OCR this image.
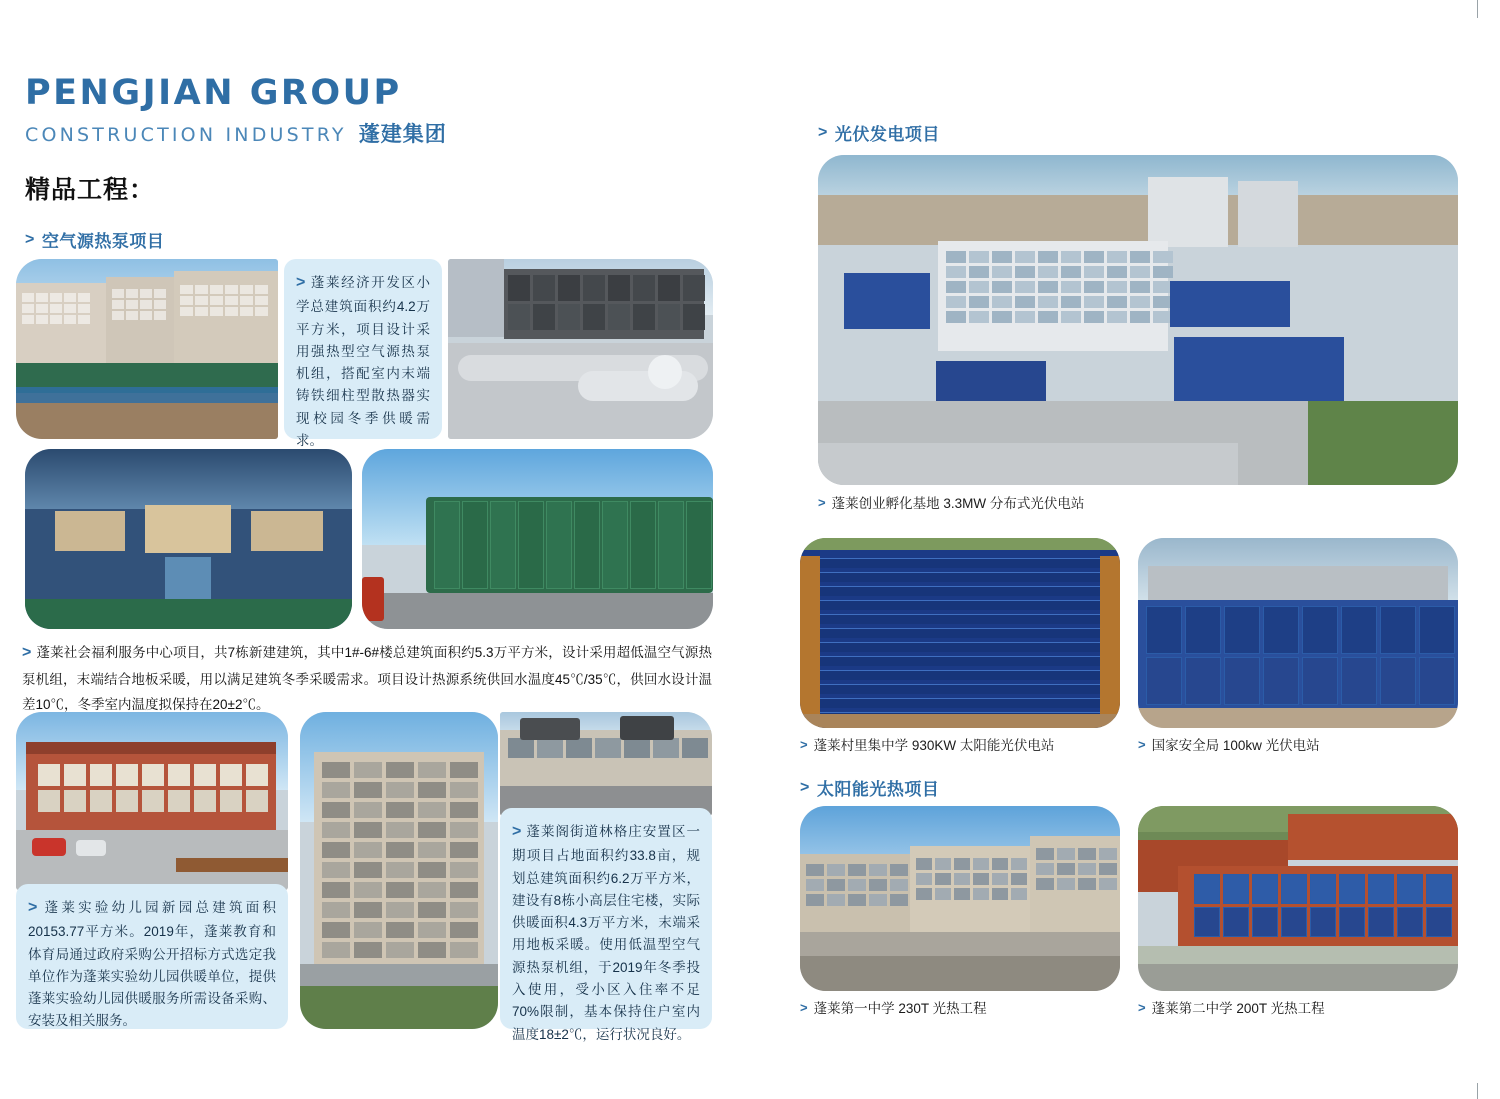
PENGJIAN GROUP
CONSTRUCTION INDUSTRY 蓬建集团
精品工程：
> 空气源热泵项目

> 蓬莱经济开发区小学总建筑面积约4.2万平方米，项目设计采用强热型空气源热泵机组，搭配室内末端铸铁细柱型散热器实现校园冬季供暖需求。

> 蓬莱社会福利服务中心项目，共7栋新建建筑，其中1#-6#楼总建筑面积约5.3万平方米，设计采用超低温空气源热泵机组，末端结合地板采暖，用以满足建筑冬季采暖需求。项目设计热源系统供回水温度45℃/35℃，供回水设计温差10℃，冬季室内温度拟保持在20±2℃。

> 蓬莱实验幼儿园新园总建筑面积20153.77平方米。2019年，蓬莱教育和体育局通过政府采购公开招标方式选定我单位作为蓬莱实验幼儿园供暖单位，提供蓬莱实验幼儿园供暖服务所需设备采购、安装及相关服务。

> 蓬莱阁街道林格庄安置区一期项目占地面积约33.8亩，规划总建筑面积约6.2万平方米，建设有8栋小高层住宅楼，实际供暖面积4.3万平方米，末端采用地板采暖。使用低温型空气源热泵机组，于2019年冬季投入使用，受小区入住率不足70%限制，基本保持住户室内温度18±2℃，运行状况良好。

> 光伏发电项目
> 蓬莱创业孵化基地 3.3MW 分布式光伏电站
> 蓬莱村里集中学 930KW 太阳能光伏电站	> 国家安全局 100kw 光伏电站
> 太阳能光热项目
> 蓬莱第一中学 230T 光热工程	> 蓬莱第二中学 200T 光热工程
